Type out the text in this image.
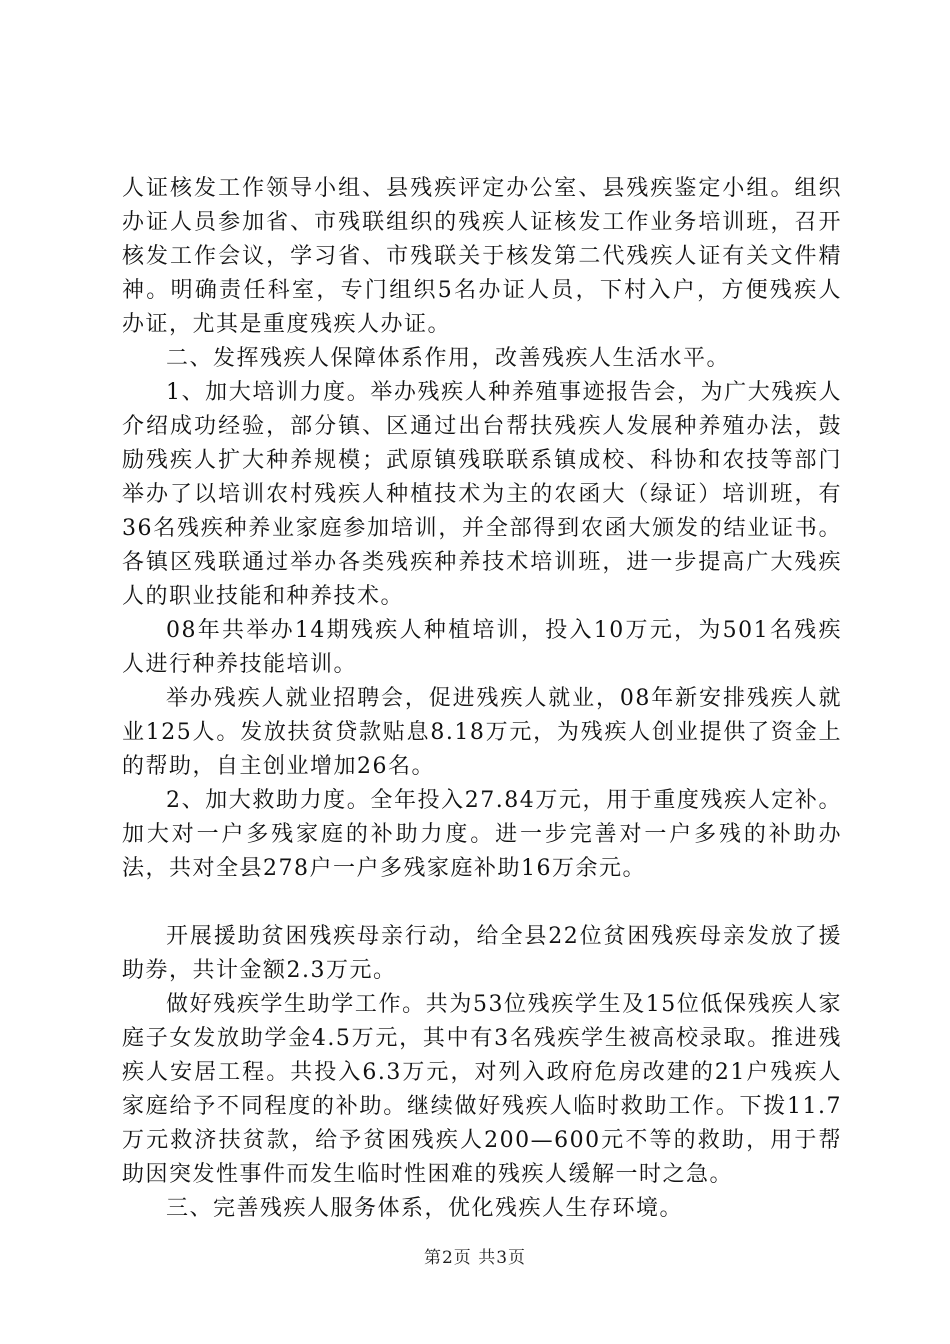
人证核发工作领导小组、县残疾评定办公室、县残疾鉴定小组。组织办证人员参加省、市残联组织的残疾人证核发工作业务培训班，召开核发工作会议，学习省、市残联关于核发第二代残疾人证有关文件精神。明确责任科室，专门组织5名办证人员，下村入户，方便残疾人办证，尤其是重度残疾人办证。

二、发挥残疾人保障体系作用，改善残疾人生活水平。

1、加大培训力度。举办残疾人种养殖事迹报告会，为广大残疾人介绍成功经验，部分镇、区通过出台帮扶残疾人发展种养殖办法，鼓励残疾人扩大种养规模；武原镇残联联系镇成校、科协和农技等部门举办了以培训农村残疾人种植技术为主的农函大（绿证）培训班，有36名残疾种养业家庭参加培训，并全部得到农函大颁发的结业证书。各镇区残联通过举办各类残疾种养技术培训班，进一步提高广大残疾人的职业技能和种养技术。

08年共举办14期残疾人种植培训，投入10万元，为501名残疾人进行种养技能培训。

举办残疾人就业招聘会，促进残疾人就业，08年新安排残疾人就业125人。发放扶贫贷款贴息8.18万元，为残疾人创业提供了资金上的帮助，自主创业增加26名。

2、加大救助力度。全年投入27.84万元，用于重度残疾人定补。加大对一户多残家庭的补助力度。进一步完善对一户多残的补助办法，共对全县278户一户多残家庭补助16万余元。

开展援助贫困残疾母亲行动，给全县22位贫困残疾母亲发放了援助券，共计金额2.3万元。

做好残疾学生助学工作。共为53位残疾学生及15位低保残疾人家庭子女发放助学金4.5万元，其中有3名残疾学生被高校录取。推进残疾人安居工程。共投入6.3万元，对列入政府危房改建的21户残疾人家庭给予不同程度的补助。继续做好残疾人临时救助工作。下拨11.7万元救济扶贫款，给予贫困残疾人200—600元不等的救助，用于帮助因突发性事件而发生临时性困难的残疾人缓解一时之急。

三、完善残疾人服务体系，优化残疾人生存环境。

第2页 共3页
